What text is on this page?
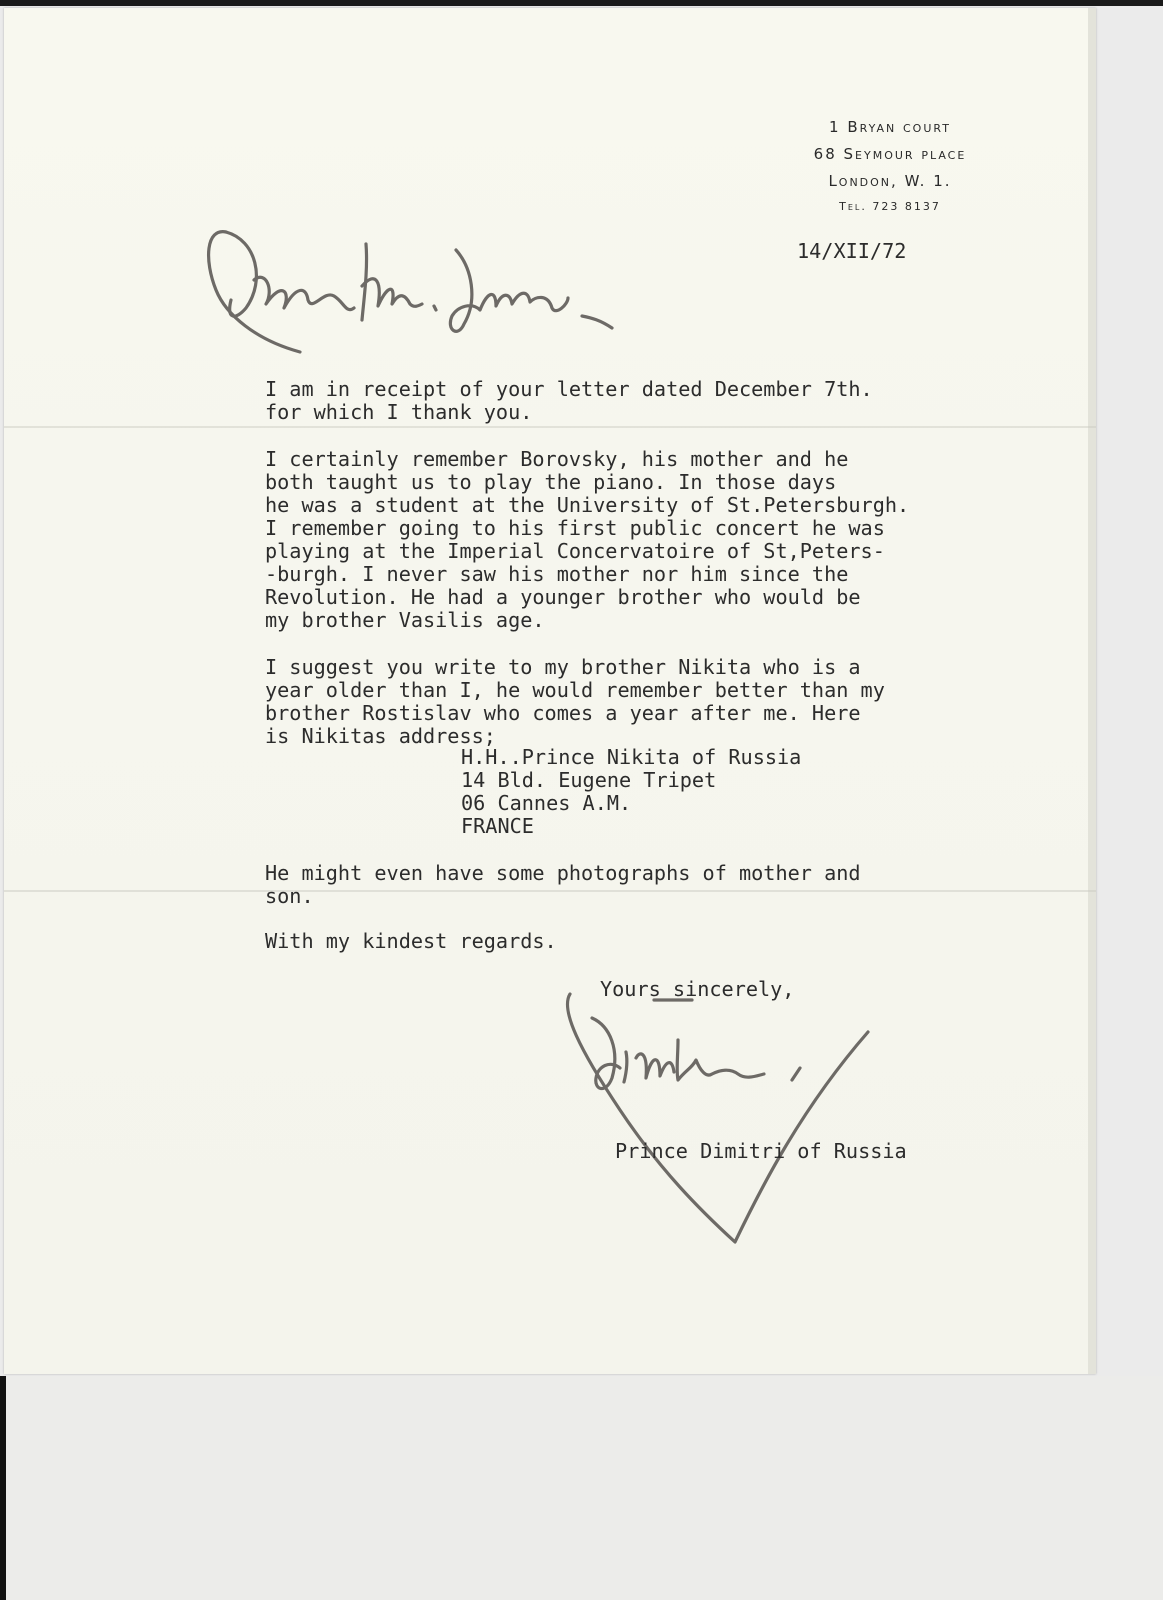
1 Bryan court
68 Seymour place
London, W. 1.
Tel. 723 8137
14/XII/72
I am in receipt of your letter dated December 7th.
for which I thank you.
I certainly remember Borovsky, his mother and he
both taught us to play the piano. In those days
he was a student at the University of St.Petersburgh.
I remember going to his first public concert he was
playing at the Imperial Concervatoire of St,Peters-
-burgh. I never saw his mother nor him since the
Revolution. He had a younger brother who would be
my brother Vasilis age.
I suggest you write to my brother Nikita who is a
year older than I, he would remember better than my
brother Rostislav who comes a year after me. Here
is Nikitas address;
H.H..Prince Nikita of Russia
14 Bld. Eugene Tripet
06 Cannes A.M.
FRANCE
He might even have some photographs of mother and
son.
With my kindest regards.
Yours sincerely,
Prince Dimitri of Russia
